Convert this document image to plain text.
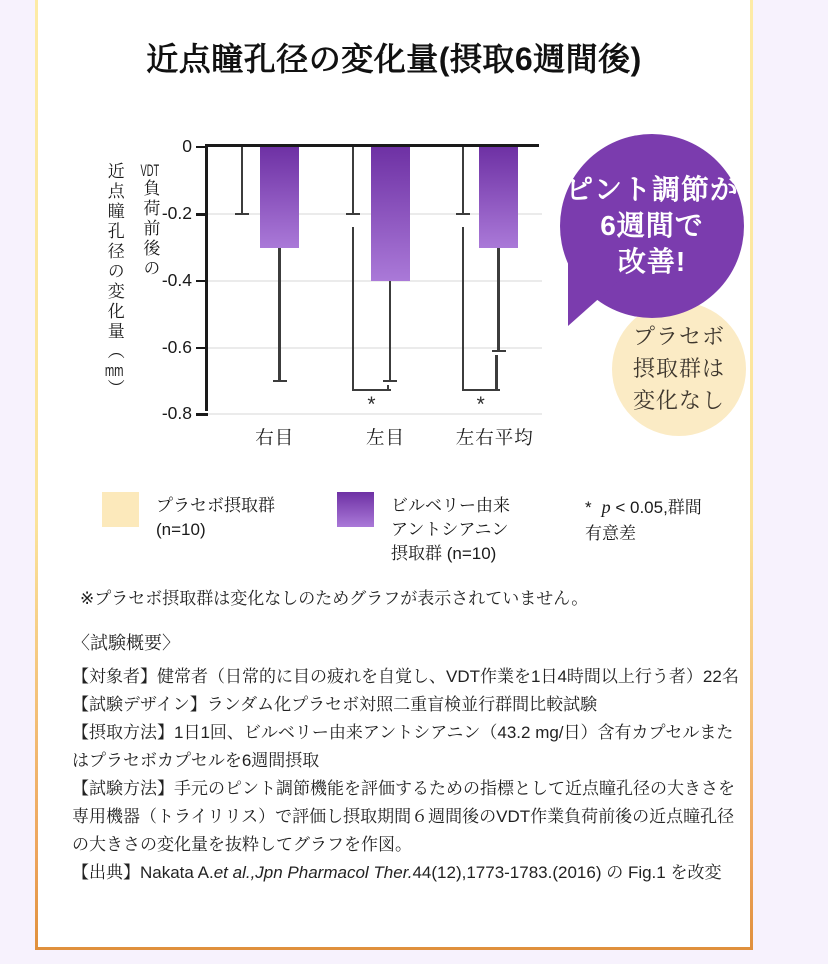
近点瞳孔径の変化量(摂取6週間後)
VDT負荷前後の
近点瞳孔径の変化量（mm）
0
-0.2
-0.4
-0.6
-0.8
右目	左目	左右平均
*	*
ピント調節が
6週間で
改善!
プラセボ
摂取群は
変化なし
プラセボ摂取群
(n=10)
ビルベリー由来
アントシアニン
摂取群 (n=10)
* p < 0.05,群間
有意差

※プラセボ摂取群は変化なしのためグラフが表示されていません。

〈試験概要〉

【対象者】健常者（日常的に目の疲れを自覚し、VDT作業を1日4時間以上行う者）22名

【試験デザイン】ランダム化プラセボ対照二重盲検並行群間比較試験

【摂取方法】1日1回、ビルベリー由来アントシアニン（43.2 mg/日）含有カプセルまたはプラセボカプセルを6週間摂取

【試験方法】手元のピント調節機能を評価するための指標として近点瞳孔径の大きさを専用機器（トライリリス）で評価し摂取期間６週間後のVDT作業負荷前後の近点瞳孔径の大きさの変化量を抜粋してグラフを作図。

【出典】Nakata A.et al.,Jpn Pharmacol Ther.44(12),1773-1783.(2016) の Fig.1 を改変
